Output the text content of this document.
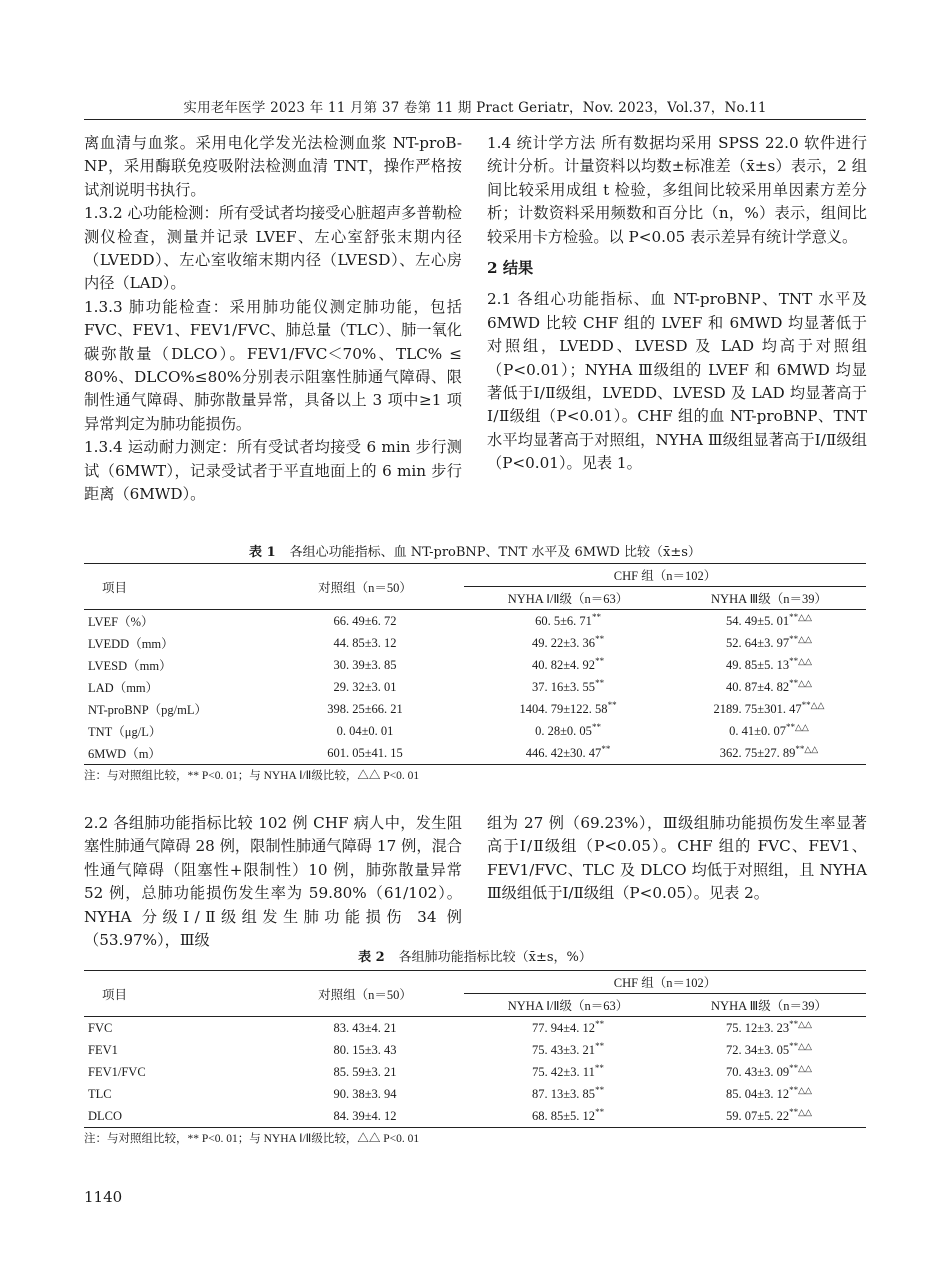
实用老年医学 2023 年 11 月第 37 卷第 11 期 Pract Geriatr，Nov. 2023，Vol.37，No.11

离血清与血浆。采用电化学发光法检测血浆 NT-proB-NP，采用酶联免疫吸附法检测血清 TNT，操作严格按试剂说明书执行。

1.3.2 心功能检测：所有受试者均接受心脏超声多普勒检测仪检查，测量并记录 LVEF、左心室舒张末期内径（LVEDD）、左心室收缩末期内径（LVESD）、左心房内径（LAD）。

1.3.3 肺功能检查：采用肺功能仪测定肺功能，包括 FVC、FEV1、FEV1/FVC、肺总量（TLC）、肺一氧化碳弥散量（DLCO）。FEV1/FVC＜70%、TLC% ≤ 80%、DLCO%≤80%分别表示阻塞性肺通气障碍、限制性通气障碍、肺弥散量异常，具备以上 3 项中≥1 项异常判定为肺功能损伤。

1.3.4 运动耐力测定：所有受试者均接受 6 min 步行测试（6MWT），记录受试者于平直地面上的 6 min 步行距离（6MWD）。

1.4 统计学方法 所有数据均采用 SPSS 22.0 软件进行统计分析。计量资料以均数±标准差（x̄±s）表示，2 组间比较采用成组 t 检验，多组间比较采用单因素方差分析；计数资料采用频数和百分比（n，%）表示，组间比较采用卡方检验。以 P<0.05 表示差异有统计学意义。

2 结果

2.1 各组心功能指标、血 NT-proBNP、TNT 水平及 6MWD 比较 CHF 组的 LVEF 和 6MWD 均显著低于对照组，LVEDD、LVESD 及 LAD 均高于对照组（P<0.01）；NYHA Ⅲ级组的 LVEF 和 6MWD 均显著低于Ⅰ/Ⅱ级组，LVEDD、LVESD 及 LAD 均显著高于Ⅰ/Ⅱ级组（P<0.01）。CHF 组的血 NT-proBNP、TNT 水平均显著高于对照组，NYHA Ⅲ级组显著高于Ⅰ/Ⅱ级组（P<0.01）。见表 1。

表 1 各组心功能指标、血 NT-proBNP、TNT 水平及 6MWD 比较（x̄±s）
项目	对照组（n＝50）	CHF 组（n＝102）	
		NYHA Ⅰ/Ⅱ级（n＝63）	NYHA Ⅲ级（n＝39）
LVEF（%）	66. 49±6. 72	60. 5±6. 71**	54. 49±5. 01**△△
LVEDD（mm）	44. 85±3. 12	49. 22±3. 36**	52. 64±3. 97**△△
LVESD（mm）	30. 39±3. 85	40. 82±4. 92**	49. 85±5. 13**△△
LAD（mm）	29. 32±3. 01	37. 16±3. 55**	40. 87±4. 82**△△
NT-proBNP（pg/mL）	398. 25±66. 21	1404. 79±122. 58**	2189. 75±301. 47**△△
TNT（μg/L）	0. 04±0. 01	0. 28±0. 05**	0. 41±0. 07**△△
6MWD（m）	601. 05±41. 15	446. 42±30. 47**	362. 75±27. 89**△△
注：与对照组比较，** P<0. 01；与 NYHA Ⅰ/Ⅱ级比较，△△ P<0. 01

2.2 各组肺功能指标比较 102 例 CHF 病人中，发生阻塞性肺通气障碍 28 例，限制性肺通气障碍 17 例，混合性通气障碍（阻塞性+限制性）10 例，肺弥散量异常 52 例，总肺功能损伤发生率为 59.80%（61/102）。NYHA 分级Ⅰ/Ⅱ级组发生肺功能损伤 34 例（53.97%），Ⅲ级

组为 27 例（69.23%），Ⅲ级组肺功能损伤发生率显著高于Ⅰ/Ⅱ级组（P<0.05）。CHF 组的 FVC、FEV1、FEV1/FVC、TLC 及 DLCO 均低于对照组，且 NYHA Ⅲ级组低于Ⅰ/Ⅱ级组（P<0.05）。见表 2。

表 2 各组肺功能指标比较（x̄±s，%）
项目	对照组（n＝50）	CHF 组（n＝102）	
		NYHA Ⅰ/Ⅱ级（n＝63）	NYHA Ⅲ级（n＝39）
FVC	83. 43±4. 21	77. 94±4. 12**	75. 12±3. 23**△△
FEV1	80. 15±3. 43	75. 43±3. 21**	72. 34±3. 05**△△
FEV1/FVC	85. 59±3. 21	75. 42±3. 11**	70. 43±3. 09**△△
TLC	90. 38±3. 94	87. 13±3. 85**	85. 04±3. 12**△△
DLCO	84. 39±4. 12	68. 85±5. 12**	59. 07±5. 22**△△
注：与对照组比较，** P<0. 01；与 NYHA Ⅰ/Ⅱ级比较，△△ P<0. 01
1140
